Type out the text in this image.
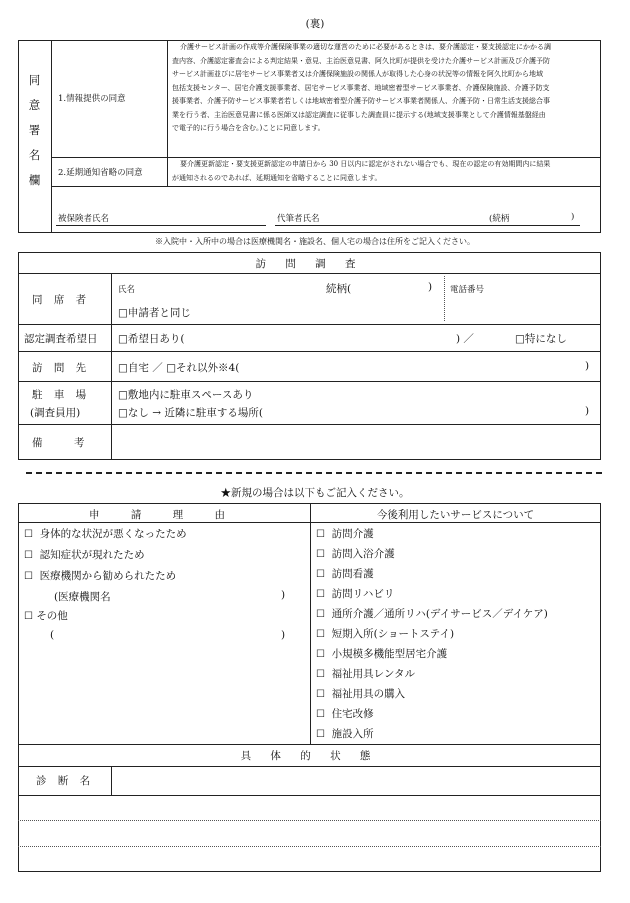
(裏)
同
意
署
名
欄
1.情報提供の同意
介護サービス計画の作成等介護保険事業の適切な運営のために必要があるときは、要介護認定・要支援認定にかかる調
査内容、介護認定審査会による判定結果・意見、主治医意見書、阿久比町が提供を受けた介護サービス計画及び介護予防
サービス計画並びに居宅サービス事業者又は介護保険施設の関係人が取得した心身の状況等の情報を阿久比町から地域
包括支援センター、居宅介護支援事業者、居宅サービス事業者、地域密着型サービス事業者、介護保険施設、介護予防支
援事業者、介護予防サービス事業者若しくは地域密着型介護予防サービス事業者関係人、介護予防・日常生活支援総合事
業を行う者、主治医意見書に係る医師又は認定調査に従事した調査員に提示する(地域支援事業として介護情報基盤経由
で電子的に行う場合を含む。)ことに同意します。
2.延期通知省略の同意
要介護更新認定・要支援更新認定の申請日から 30 日以内に認定がされない場合でも、現在の認定の有効期間内に結果
が通知されるのであれば、延期通知を省略することに同意します。
被保険者氏名	代筆者氏名	(続柄	)
※入院中・入所中の場合は医療機関名・施設名、個人宅の場合は住所をご記入ください。
訪 問 調 査
同 席 者
氏名	続柄(	) 電話番号
□申請者と同じ
認定調査希望日 □希望日あり(	) ／	□特になし
訪 問 先	□自宅 ／ □それ以外※4(	)
駐 車 場
(調査員用)
□敷地内に駐車スペースあり
□なし → 近隣に駐車する場所(	)
備 考
★新規の場合は以下もご記入ください。
申 請 理 由	今後利用したいサービスについて
☐ 身体的な状況が悪くなったため
☐ 認知症状が現れたため
☐ 医療機関から勧められたため
(医療機関名	)
☐ その他
(	)
☐ 訪問介護
☐ 訪問入浴介護
☐ 訪問看護
☐ 訪問リハビリ
☐ 通所介護／通所リハ(デイサービス／デイケア)
☐ 短期入所(ショートステイ)
☐ 小規模多機能型居宅介護
☐ 福祉用具レンタル
☐ 福祉用具の購入
☐ 住宅改修
☐ 施設入所
具 体 的 状 態
診 断 名
